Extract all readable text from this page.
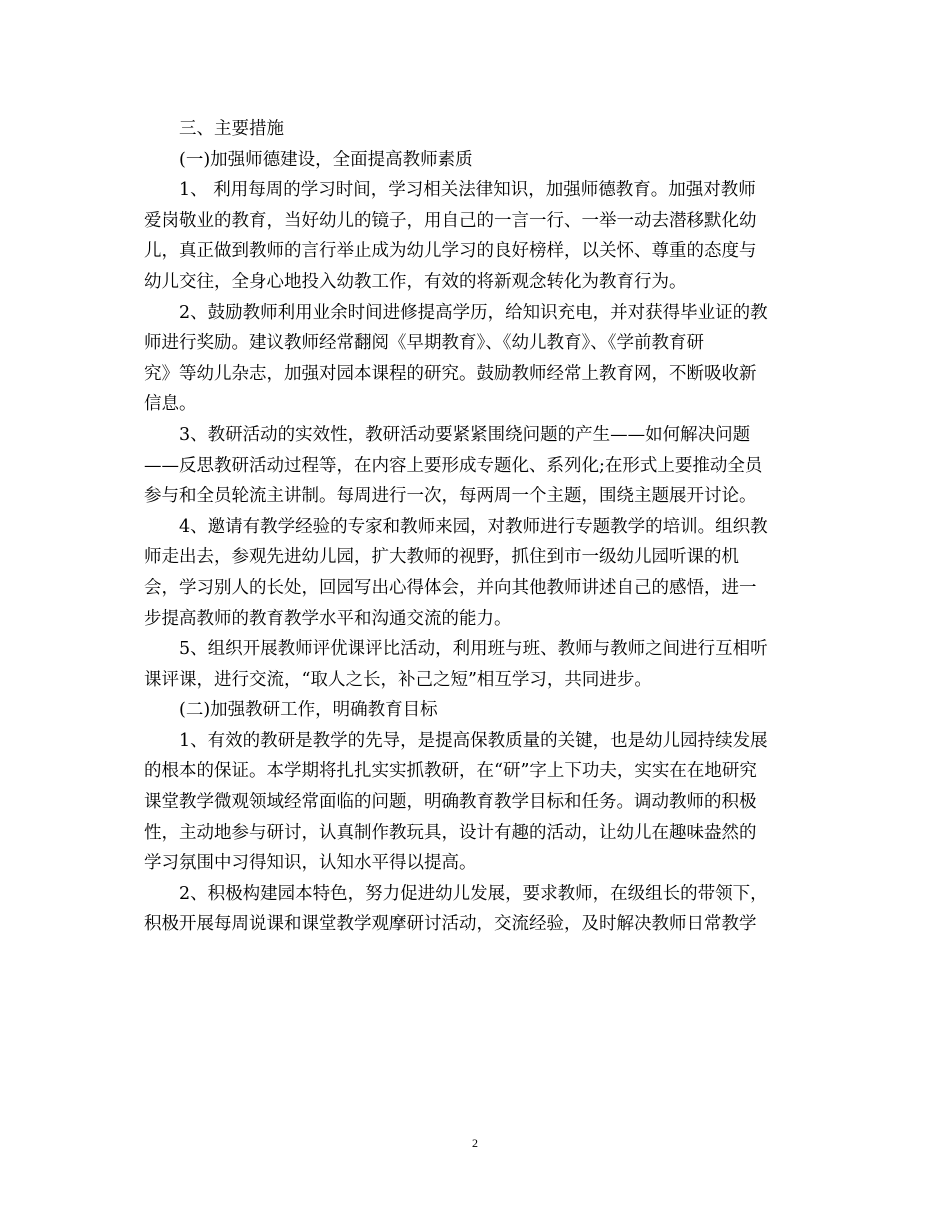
三、主要措施
(一)加强师德建设，全面提高教师素质
1、 利用每周的学习时间，学习相关法律知识，加强师德教育。加强对教师
爱岗敬业的教育，当好幼儿的镜子，用自己的一言一行、一举一动去潜移默化幼
儿，真正做到教师的言行举止成为幼儿学习的良好榜样，以关怀、尊重的态度与
幼儿交往，全身心地投入幼教工作，有效的将新观念转化为教育行为。
2、鼓励教师利用业余时间进修提高学历，给知识充电，并对获得毕业证的教
师进行奖励。建议教师经常翻阅《早期教育》、《幼儿教育》、《学前教育研
究》等幼儿杂志，加强对园本课程的研究。鼓励教师经常上教育网，不断吸收新
信息。
3、教研活动的实效性，教研活动要紧紧围绕问题的产生——如何解决问题
——反思教研活动过程等，在内容上要形成专题化、系列化;在形式上要推动全员
参与和全员轮流主讲制。每周进行一次，每两周一个主题，围绕主题展开讨论。
4、邀请有教学经验的专家和教师来园，对教师进行专题教学的培训。组织教
师走出去，参观先进幼儿园，扩大教师的视野，抓住到市一级幼儿园听课的机
会，学习别人的长处，回园写出心得体会，并向其他教师讲述自己的感悟，进一
步提高教师的教育教学水平和沟通交流的能力。
5、组织开展教师评优课评比活动，利用班与班、教师与教师之间进行互相听
课评课，进行交流，“取人之长，补己之短”相互学习，共同进步。
(二)加强教研工作，明确教育目标
1、有效的教研是教学的先导，是提高保教质量的关键，也是幼儿园持续发展
的根本的保证。本学期将扎扎实实抓教研，在“研”字上下功夫，实实在在地研究
课堂教学微观领域经常面临的问题，明确教育教学目标和任务。调动教师的积极
性，主动地参与研讨，认真制作教玩具，设计有趣的活动，让幼儿在趣味盎然的
学习氛围中习得知识，认知水平得以提高。
2、积极构建园本特色，努力促进幼儿发展，要求教师，在级组长的带领下，
积极开展每周说课和课堂教学观摩研讨活动，交流经验，及时解决教师日常教学
2
